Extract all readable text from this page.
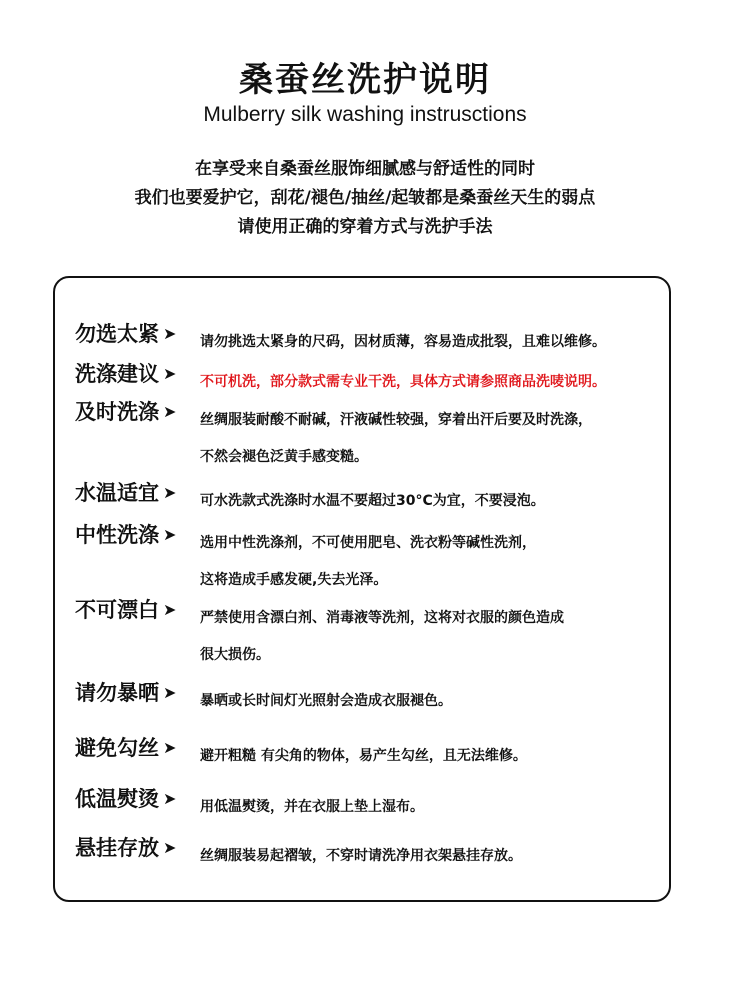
桑蚕丝洗护说明
Mulberry silk washing instrusctions
在享受来自桑蚕丝服饰细腻感与舒适性的同时
我们也要爱护它，刮花/褪色/抽丝/起皱都是桑蚕丝天生的弱点
请使用正确的穿着方式与洗护手法
勿选太紧 ➤ 请勿挑选太紧身的尺码，因材质薄，容易造成批裂，且难以维修。
洗涤建议 ➤ 不可机洗，部分款式需专业干洗，具体方式请参照商品洗唛说明。
及时洗涤 ➤ 丝绸服装耐酸不耐碱，汗液碱性较强，穿着出汗后要及时洗涤，
不然会褪色泛黄手感变糙。
水温适宜 ➤ 可水洗款式洗涤时水温不要超过30°C为宜，不要浸泡。
中性洗涤 ➤ 选用中性洗涤剂，不可使用肥皂、洗衣粉等碱性洗剂，
这将造成手感发硬,失去光泽。
不可漂白 ➤ 严禁使用含漂白剂、消毒液等洗剂，这将对衣服的颜色造成
很大损伤。
请勿暴晒 ➤ 暴晒或长时间灯光照射会造成衣服褪色。
避免勾丝 ➤ 避开粗糙 有尖角的物体，易产生勾丝，且无法维修。
低温熨烫 ➤ 用低温熨烫，并在衣服上垫上湿布。
悬挂存放 ➤ 丝绸服装易起褶皱，不穿时请洗净用衣架悬挂存放。
